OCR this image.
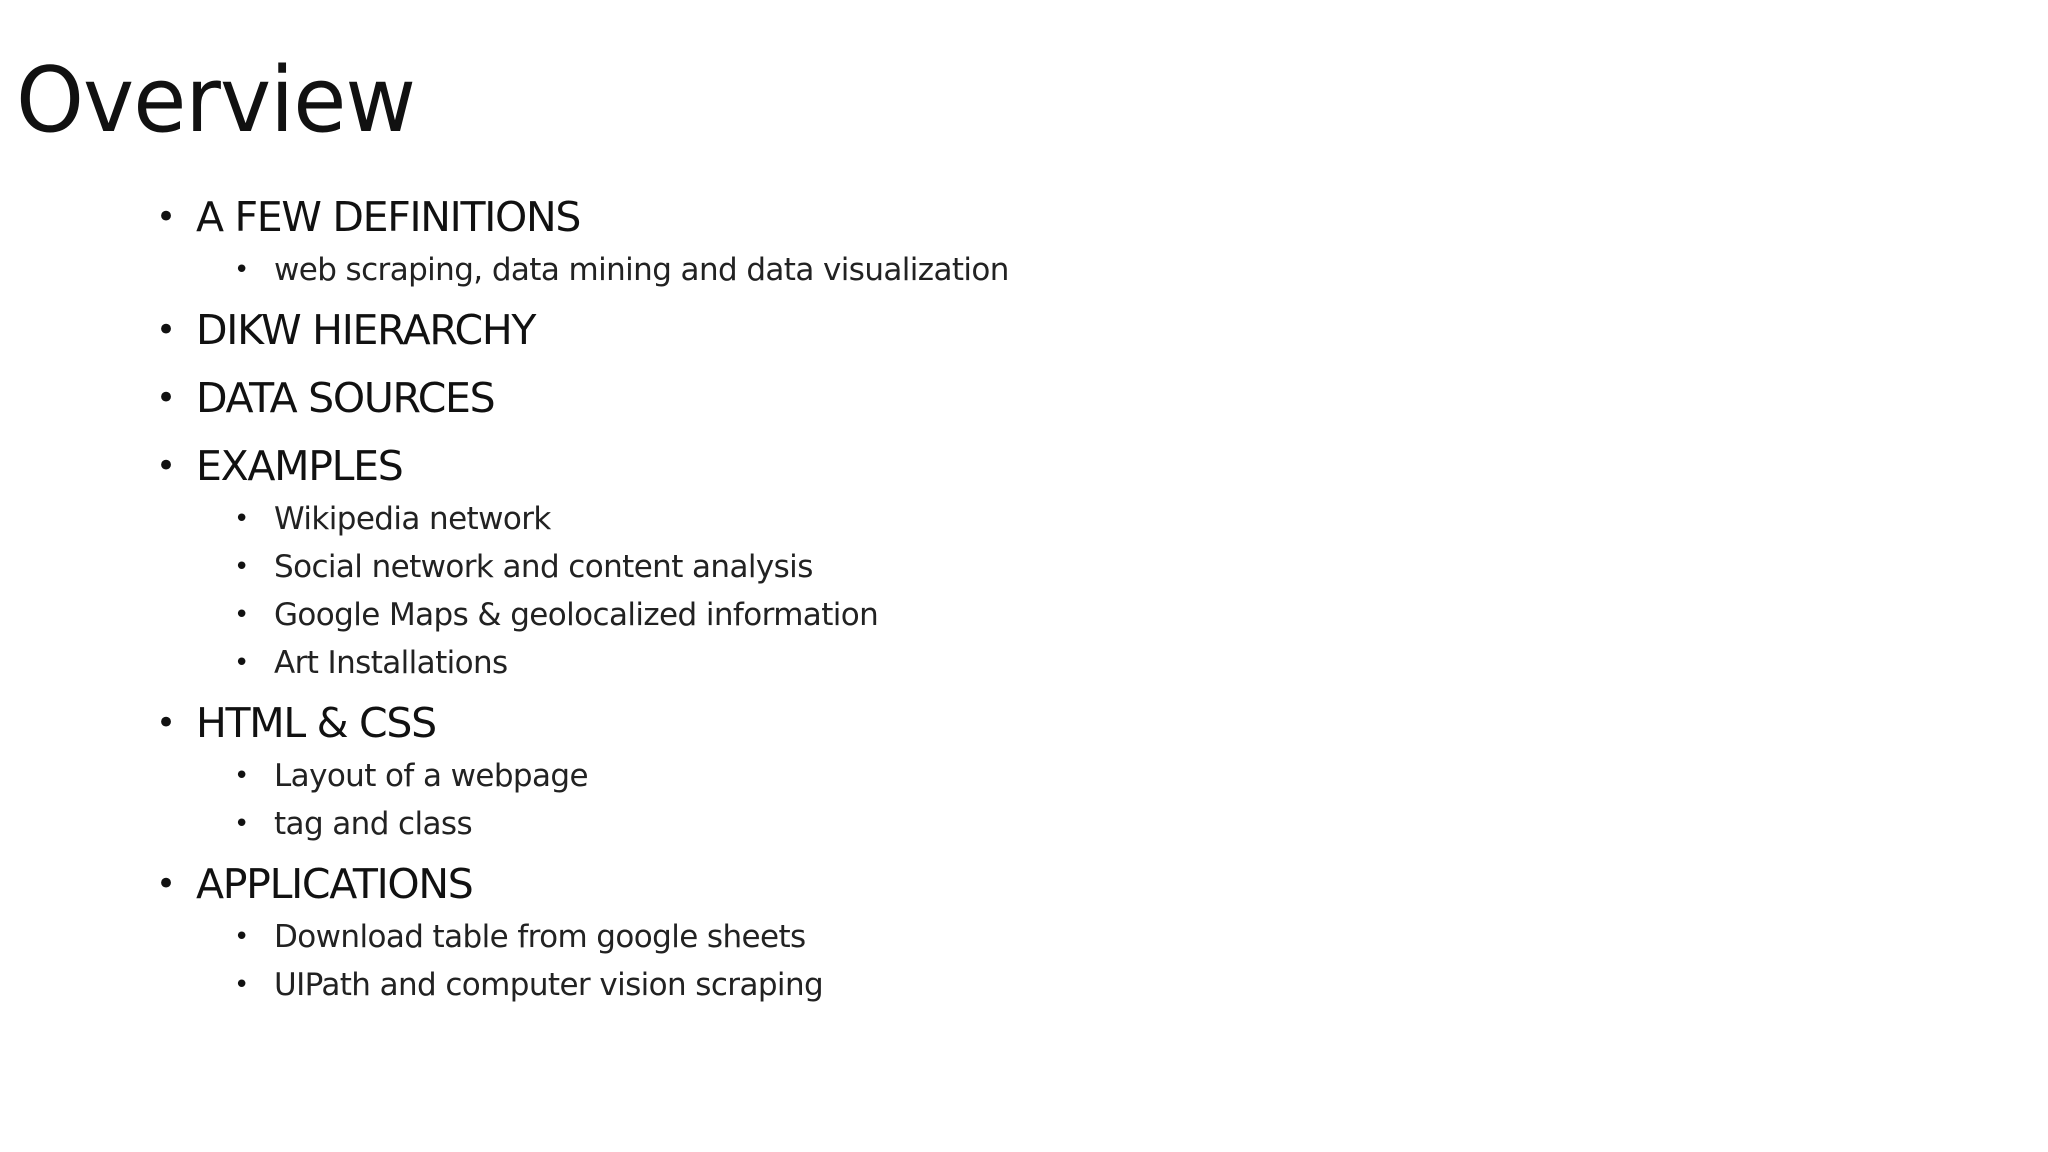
Overview
• A FEW DEFINITIONS
• web scraping, data mining and data visualization
• DIKW HIERARCHY
• DATA SOURCES
• EXAMPLES
• Wikipedia network
• Social network and content analysis
• Google Maps & geolocalized information
• Art Installations
• HTML & CSS
• Layout of a webpage
• tag and class
• APPLICATIONS
• Download table from google sheets
• UIPath and computer vision scraping
